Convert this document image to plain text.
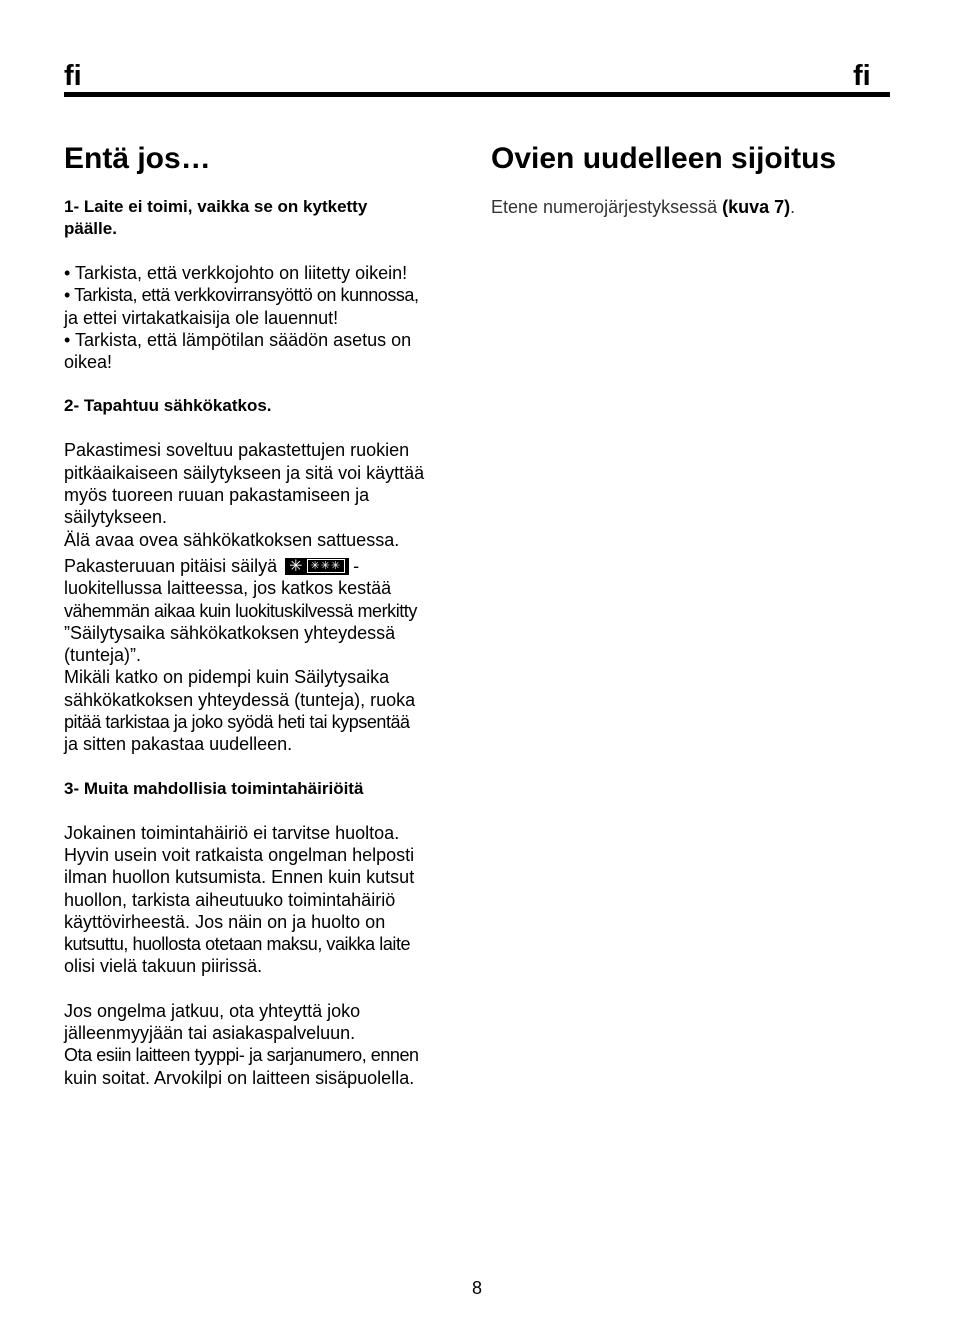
fi	fi
Entä jos…

1- Laite ei toimi, vaikka se on kytketty
päälle.

• Tarkista, että verkkojohto on liitetty oikein!
• Tarkista, että verkkovirransyöttö on kunnossa,
ja ettei virtakatkaisija ole lauennut!
• Tarkista, että lämpötilan säädön asetus on
oikea!

2- Tapahtuu sähkökatkos.

Pakastimesi soveltuu pakastettujen ruokien
pitkäaikaiseen säilytykseen ja sitä voi käyttää
myös tuoreen ruuan pakastamiseen ja
säilytykseen.
Älä avaa ovea sähkökatkoksen sattuessa.
Pakasteruuan pitäisi säilyä ✳ ✳✳✳ -
luokitellussa laitteessa, jos katkos kestää
vähemmän aikaa kuin luokituskilvessä merkitty
”Säilytysaika sähkökatkoksen yhteydessä
(tunteja)”.
Mikäli katko on pidempi kuin Säilytysaika
sähkökatkoksen yhteydessä (tunteja), ruoka
pitää tarkistaa ja joko syödä heti tai kypsentää
ja sitten pakastaa uudelleen.

3- Muita mahdollisia toimintahäiriöitä

Jokainen toimintahäiriö ei tarvitse huoltoa.
Hyvin usein voit ratkaista ongelman helposti
ilman huollon kutsumista. Ennen kuin kutsut
huollon, tarkista aiheutuuko toimintahäiriö
käyttövirheestä. Jos näin on ja huolto on
kutsuttu, huollosta otetaan maksu, vaikka laite
olisi vielä takuun piirissä.

Jos ongelma jatkuu, ota yhteyttä joko
jälleenmyyjään tai asiakaspalveluun.
Ota esiin laitteen tyyppi- ja sarjanumero, ennen
kuin soitat. Arvokilpi on laitteen sisäpuolella.

Ovien uudelleen sijoitus

Etene numerojärjestyksessä (kuva 7).

8
